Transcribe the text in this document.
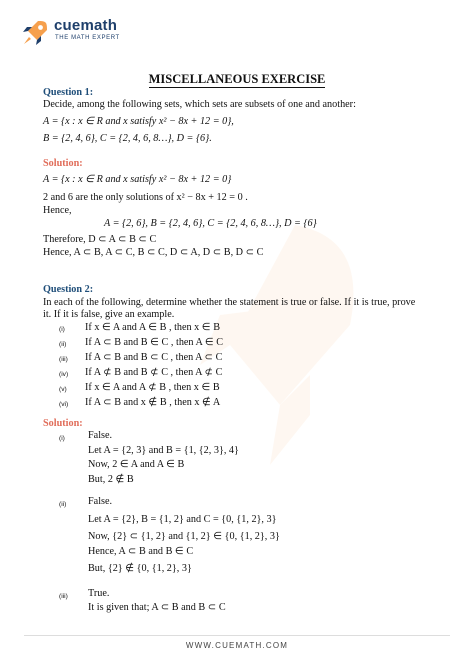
cuemath
THE MATH EXPERT
MISCELLANEOUS EXERCISE
Question 1:
Decide, among the following sets, which sets are subsets of one and another:
A = {x : x ∈ R and x satisfy x² − 8x + 12 = 0},
B = {2, 4, 6}, C = {2, 4, 6, 8…}, D = {6}.
Solution:
A = {x : x ∈ R and x satisfy x² − 8x + 12 = 0}
2 and 6 are the only solutions of x² − 8x + 12 = 0 .
Hence,
A = {2, 6}, B = {2, 4, 6}, C = {2, 4, 6, 8…}, D = {6}
Therefore, D ⊂ A ⊂ B ⊂ C
Hence, A ⊂ B, A ⊂ C, B ⊂ C, D ⊂ A, D ⊂ B, D ⊂ C
Question 2:
In each of the following, determine whether the statement is true or false. If it is true, prove
it. If it is false, give an example.
(i) If x ∈ A and A ∈ B , then x ∈ B
(ii) If A ⊂ B and B ∈ C , then A ∈ C
(iii) If A ⊂ B and B ⊂ C , then A ⊂ C
(iv) If A ⊄ B and B ⊄ C , then A ⊄ C
(v) If x ∈ A and A ⊄ B , then x ∈ B
(vi) If A ⊂ B and x ∉ B , then x ∉ A
Solution:
(i) False.
Let A = {2, 3} and B = {1, {2, 3}, 4}
Now, 2 ∈ A and A ∈ B
But, 2 ∉ B
(ii) False.
Let A = {2}, B = {1, 2} and C = {0, {1, 2}, 3}
Now, {2} ⊂ {1, 2} and {1, 2} ∈ {0, {1, 2}, 3}
Hence, A ⊂ B and B ∈ C
But, {2} ∉ {0, {1, 2}, 3}
(iii) True.
It is given that; A ⊂ B and B ⊂ C
WWW.CUEMATH.COM
